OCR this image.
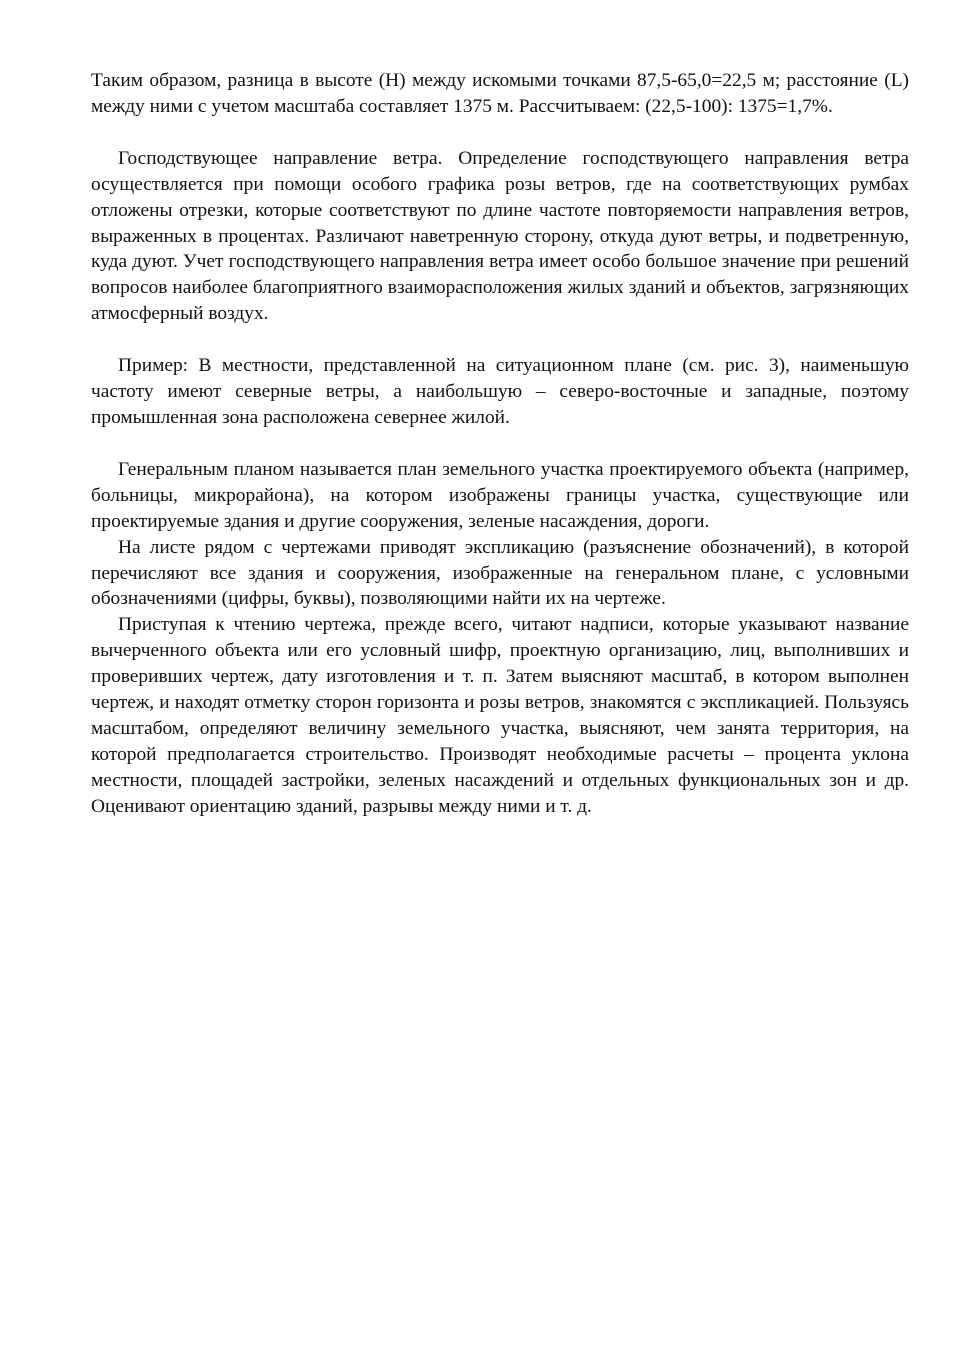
Таким образом, разница в высоте (Н) между искомыми точками 87,5-65,0=22,5 м; расстояние (L) между ними с учетом масштаба составляет 1375 м. Рассчитываем: (22,5-100): 1375=1,7%.

Господствующее направление ветра. Определение господствующего направления ветра осуществляется при помощи особого графика розы ветров, где на соответствующих румбах отложены отрезки, которые соответствуют по длине частоте повторяемости направления ветров, выраженных в процентах. Различают наветренную сторону, откуда дуют ветры, и подветренную, куда дуют. Учет господствующего направления ветра имеет особо большое значение при решений вопросов наиболее благоприятного взаиморасположения жилых зданий и объектов, загрязняющих атмосферный воздух.

Пример: В местности, представленной на ситуационном плане (см. рис. 3), наименьшую частоту имеют северные ветры, а наибольшую – северо-восточные и западные, поэтому промышленная зона расположена севернее жилой.

Генеральным планом называется план земельного участка проектируемого объекта (например, больницы, микрорайона), на котором изображены границы участка, существующие или проектируемые здания и другие сооружения, зеленые насаждения, дороги.

На листе рядом с чертежами приводят экспликацию (разъяснение обозначений), в которой перечисляют все здания и сооружения, изображенные на генеральном плане, с условными обозначениями (цифры, буквы), позволяющими найти их на чертеже.

Приступая к чтению чертежа, прежде всего, читают надписи, которые указывают название вычерченного объекта или его условный шифр, проектную организацию, лиц, выполнивших и проверивших чертеж, дату изготовления и т. п. Затем выясняют масштаб, в котором выполнен чертеж, и находят отметку сторон горизонта и розы ветров, знакомятся с экспликацией. Пользуясь масштабом, определяют величину земельного участка, выясняют, чем занята территория, на которой предполагается строительство. Производят необходимые расчеты – процента уклона местности, площадей застройки, зеленых насаждений и отдельных функциональных зон и др. Оценивают ориентацию зданий, разрывы между ними и т. д.
